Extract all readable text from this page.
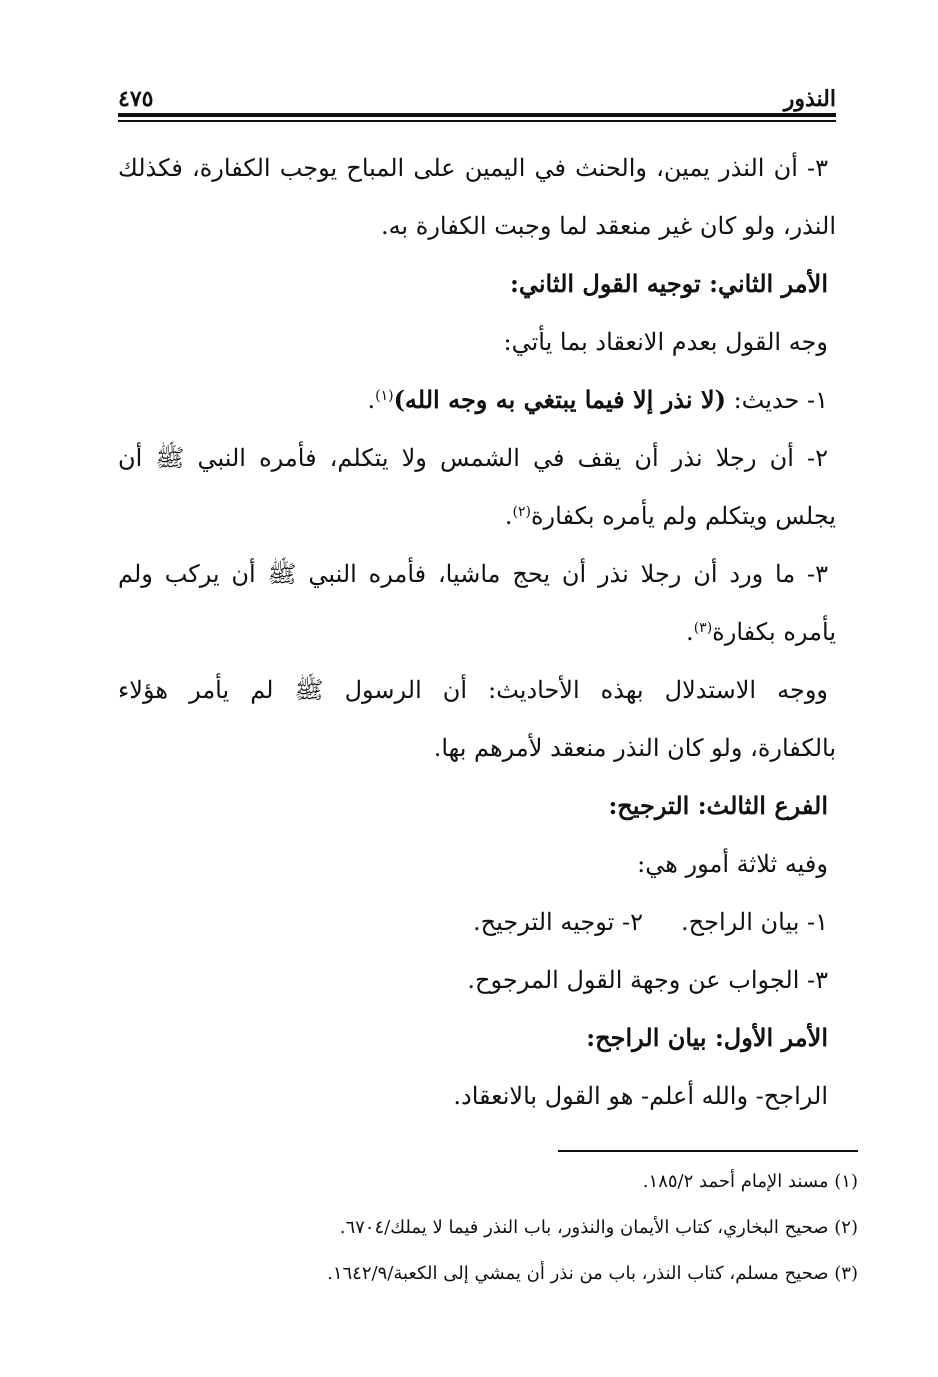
النذور
٤٧٥
٣- أن النذر يمين، والحنث في اليمين على المباح يوجب الكفارة، فكذلك
النذر، ولو كان غير منعقد لما وجبت الكفارة به.
الأمر الثاني: توجيه القول الثاني:
وجه القول بعدم الانعقاد بما يأتي:
١- حديث: (لا نذر إلا فيما يبتغي به وجه الله)$^{(١)}$.
٢- أن رجلا نذر أن يقف في الشمس ولا يتكلم، فأمره النبي ﷺ أن
يجلس ويتكلم ولم يأمره بكفارة$^{(٢)}$.
٣- ما ورد أن رجلا نذر أن يحج ماشيا، فأمره النبي ﷺ أن يركب ولم
يأمره بكفارة$^{(٣)}$.
ووجه الاستدلال بهذه الأحاديث: أن الرسول ﷺ لم يأمر هؤلاء
بالكفارة، ولو كان النذر منعقد لأمرهم بها.
الفرع الثالث: الترجيح:
وفيه ثلاثة أمور هي:
١- بيان الراجح.
٢- توجيه الترجيح.
٣- الجواب عن وجهة القول المرجوح.
الأمر الأول: بيان الراجح:
الراجح- والله أعلم- هو القول بالانعقاد.
(١) مسند الإمام أحمد ١٨٥/٢.
(٢) صحيح البخاري، كتاب الأيمان والنذور، باب النذر فيما لا يملك/٦٧٠٤.
(٣) صحيح مسلم، كتاب النذر، باب من نذر أن يمشي إلى الكعبة/١٦٤٢/٩.
